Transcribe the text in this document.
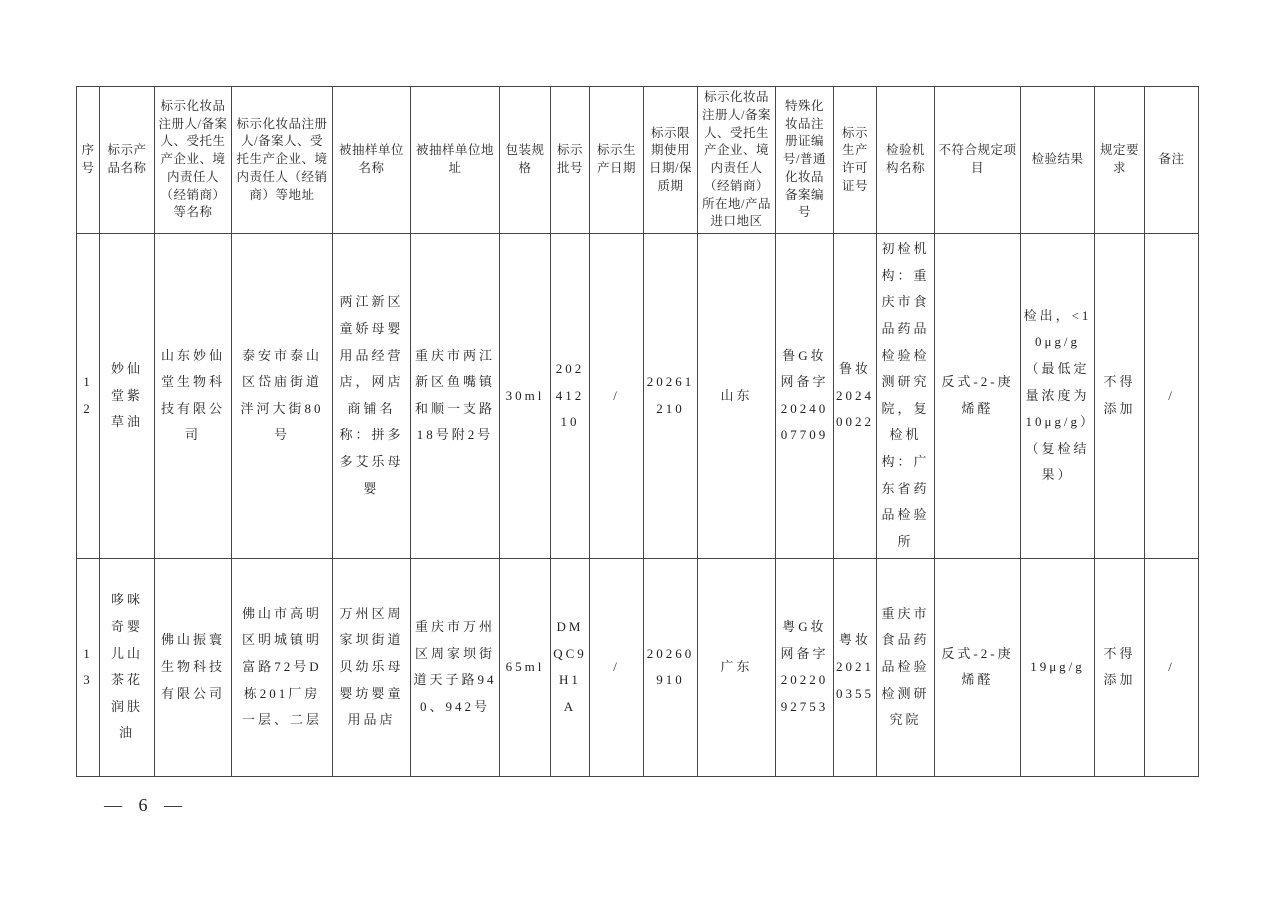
序号	标示产品名称	标示化妆品注册人/备案人、受托生产企业、境内责任人（经销商）等名称	标示化妆品注册人/备案人、受托生产企业、境内责任人（经销商）等地址	被抽样单位名称	被抽样单位地址	包装规格	标示批号	标示生产日期	标示限期使用日期/保质期	标示化妆品注册人/备案人、受托生产企业、境内责任人（经销商）所在地/产品进口地区	特殊化妆品注册证编号/普通化妆品备案编号	标示生产许可证号	检验机构名称	不符合规定项目	检验结果	规定要求	备注
12	妙仙堂紫草油	山东妙仙堂生物科技有限公司	泰安市泰山区岱庙街道泮河大街80号	两江新区童娇母婴用品经营店，网店商铺名称：拼多多艾乐母婴	重庆市两江新区鱼嘴镇和顺一支路18号附2号	30ml	20241210	/	20261210	山东	鲁G妆网备字2024007709	鲁妆20240022	初检机构：重庆市食品药品检验检测研究院，复检机构：广东省药品检验所	反式-2-庚烯醛	检出，<10μg/g（最低定量浓度为10μg/g）（复检结果）	不得添加	/
13	哆咪奇婴儿山茶花润肤油	佛山振寰生物科技有限公司	佛山市高明区明城镇明富路72号D栋201厂房一层、二层	万州区周家坝街道贝幼乐母婴坊婴童用品店	重庆市万州区周家坝街道天子路940、942号	65ml	DMQC9H1A	/	20260910	广东	粤G妆网备字2022092753	粤妆20210355	重庆市食品药品检验检测研究院	反式-2-庚烯醛	19μg/g	不得添加	/
— 6 —
